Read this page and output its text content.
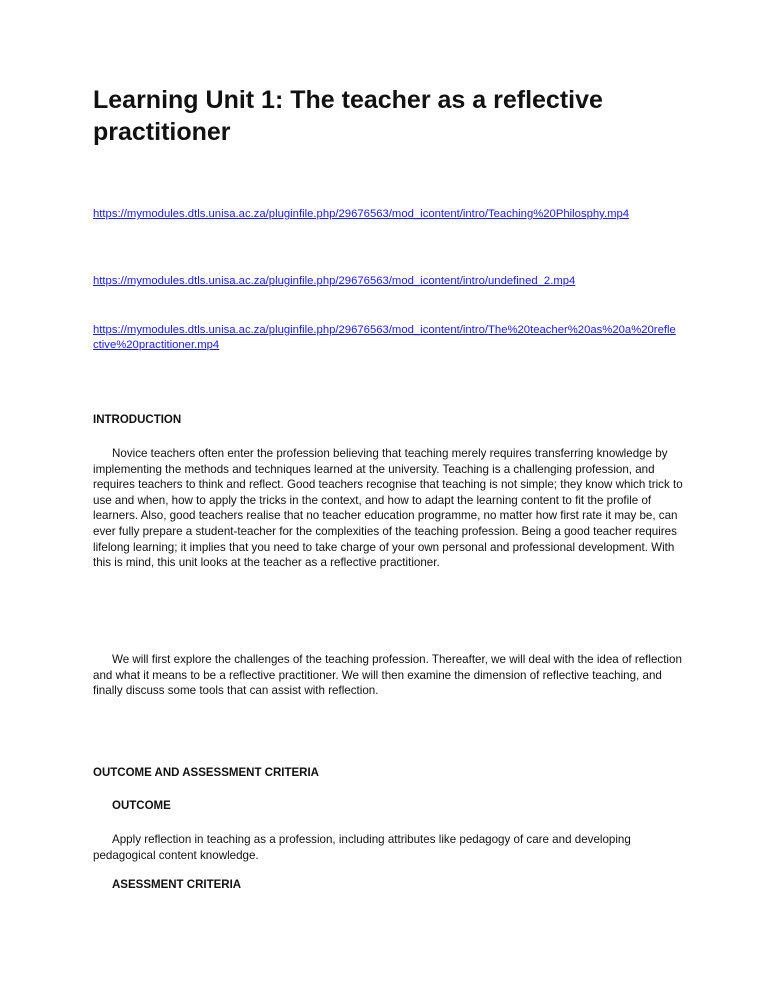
Learning Unit 1: The teacher as a reflective practitioner
https://mymodules.dtls.unisa.ac.za/pluginfile.php/29676563/mod_icontent/intro/Teaching%20Philosphy.mp4
https://mymodules.dtls.unisa.ac.za/pluginfile.php/29676563/mod_icontent/intro/undefined_2.mp4
https://mymodules.dtls.unisa.ac.za/pluginfile.php/29676563/mod_icontent/intro/The%20teacher%20as%20a%20reflective%20practitioner.mp4
INTRODUCTION

Novice teachers often enter the profession believing that teaching merely requires transferring knowledge by implementing the methods and techniques learned at the university. Teaching is a challenging profession, and requires teachers to think and reflect. Good teachers recognise that teaching is not simple; they know which trick to use and when, how to apply the tricks in the context, and how to adapt the learning content to fit the profile of learners. Also, good teachers realise that no teacher education programme, no matter how first rate it may be, can ever fully prepare a student-teacher for the complexities of the teaching profession. Being a good teacher requires lifelong learning; it implies that you need to take charge of your own personal and professional development. With this is mind, this unit looks at the teacher as a reflective practitioner.

We will first explore the challenges of the teaching profession. Thereafter, we will deal with the idea of reflection and what it means to be a reflective practitioner. We will then examine the dimension of reflective teaching, and finally discuss some tools that can assist with reflection.

OUTCOME AND ASSESSMENT CRITERIA
OUTCOME

Apply reflection in teaching as a profession, including attributes like pedagogy of care and developing pedagogical content knowledge.

ASESSMENT CRITERIA
